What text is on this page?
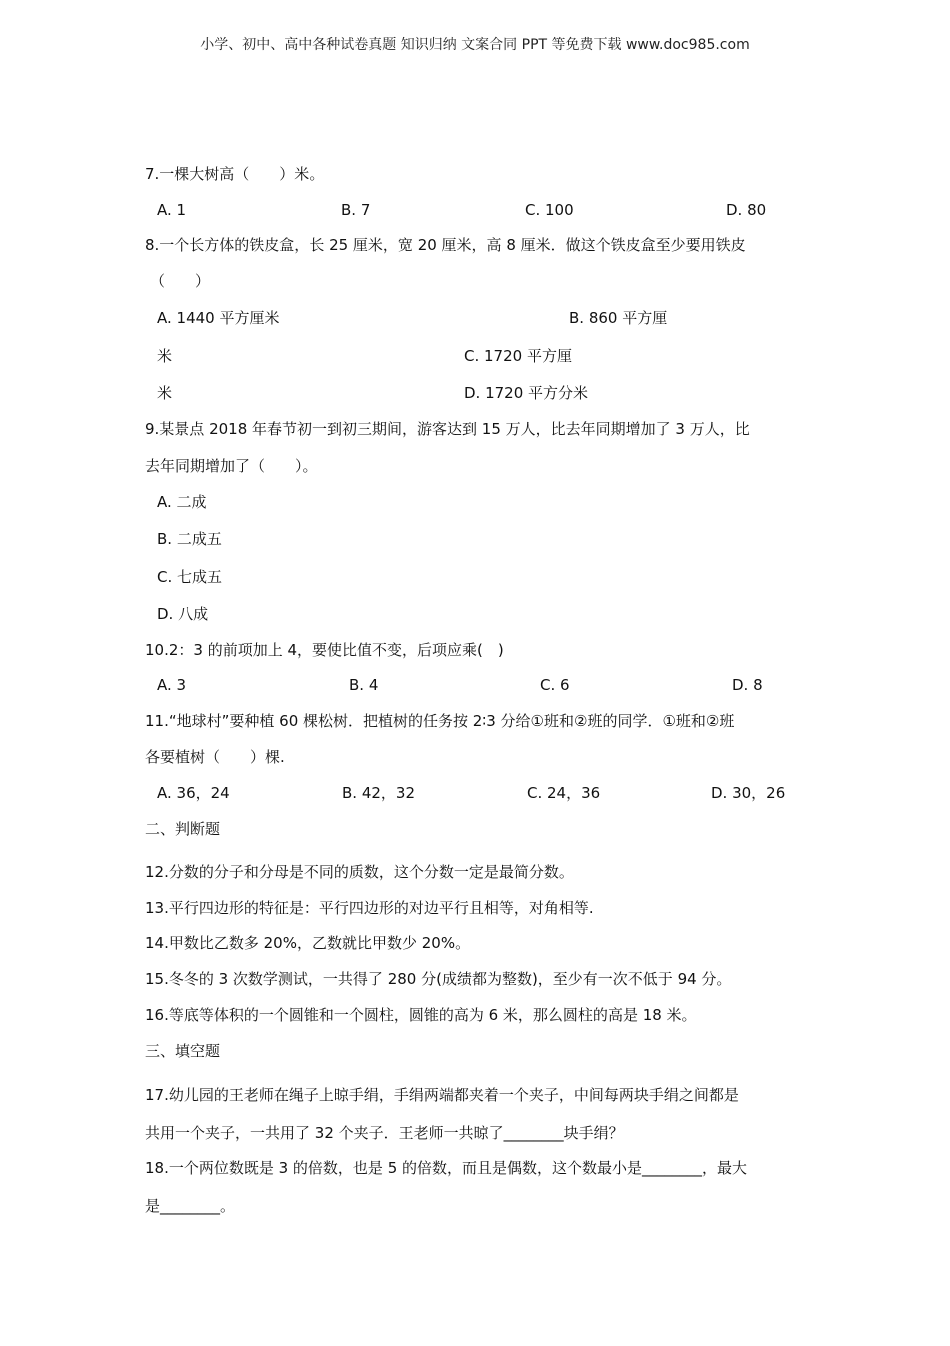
小学、初中、高中各种试卷真题 知识归纳 文案合同 PPT 等免费下载 www.doc985.com
7.一棵大树高（　　）米。
A. 1	B. 7	C. 100	D. 80
8.一个长方体的铁皮盒，长 25 厘米，宽 20 厘米，高 8 厘米．做这个铁皮盒至少要用铁皮
（　　）
A. 1440 平方厘米	B. 860 平方厘
米	C. 1720 平方厘
米	D. 1720 平方分米
9.某景点 2018 年春节初一到初三期间，游客达到 15 万人，比去年同期增加了 3 万人，比
去年同期增加了（　　）。
A. 二成
B. 二成五
C. 七成五
D. 八成
10.2：3 的前项加上 4，要使比值不变，后项应乘(　)
A. 3	B. 4	C. 6	D. 8
11.“地球村”要种植 60 棵松树．把植树的任务按 2∶3 分给①班和②班的同学．①班和②班
各要植树（　　）棵.
A. 36，24	B. 42，32	C. 24，36	D. 30，26
二、判断题
12.分数的分子和分母是不同的质数，这个分数一定是最简分数。
13.平行四边形的特征是：平行四边形的对边平行且相等，对角相等.
14.甲数比乙数多 20%，乙数就比甲数少 20%。
15.冬冬的 3 次数学测试，一共得了 280 分(成绩都为整数)，至少有一次不低于 94 分。
16.等底等体积的一个圆锥和一个圆柱，圆锥的高为 6 米，那么圆柱的高是 18 米。
三、填空题
17.幼儿园的王老师在绳子上晾手绢，手绢两端都夹着一个夹子，中间每两块手绢之间都是
共用一个夹子，一共用了 32 个夹子．王老师一共晾了________块手绢？
18.一个两位数既是 3 的倍数，也是 5 的倍数，而且是偶数，这个数最小是________，最大
是________。
